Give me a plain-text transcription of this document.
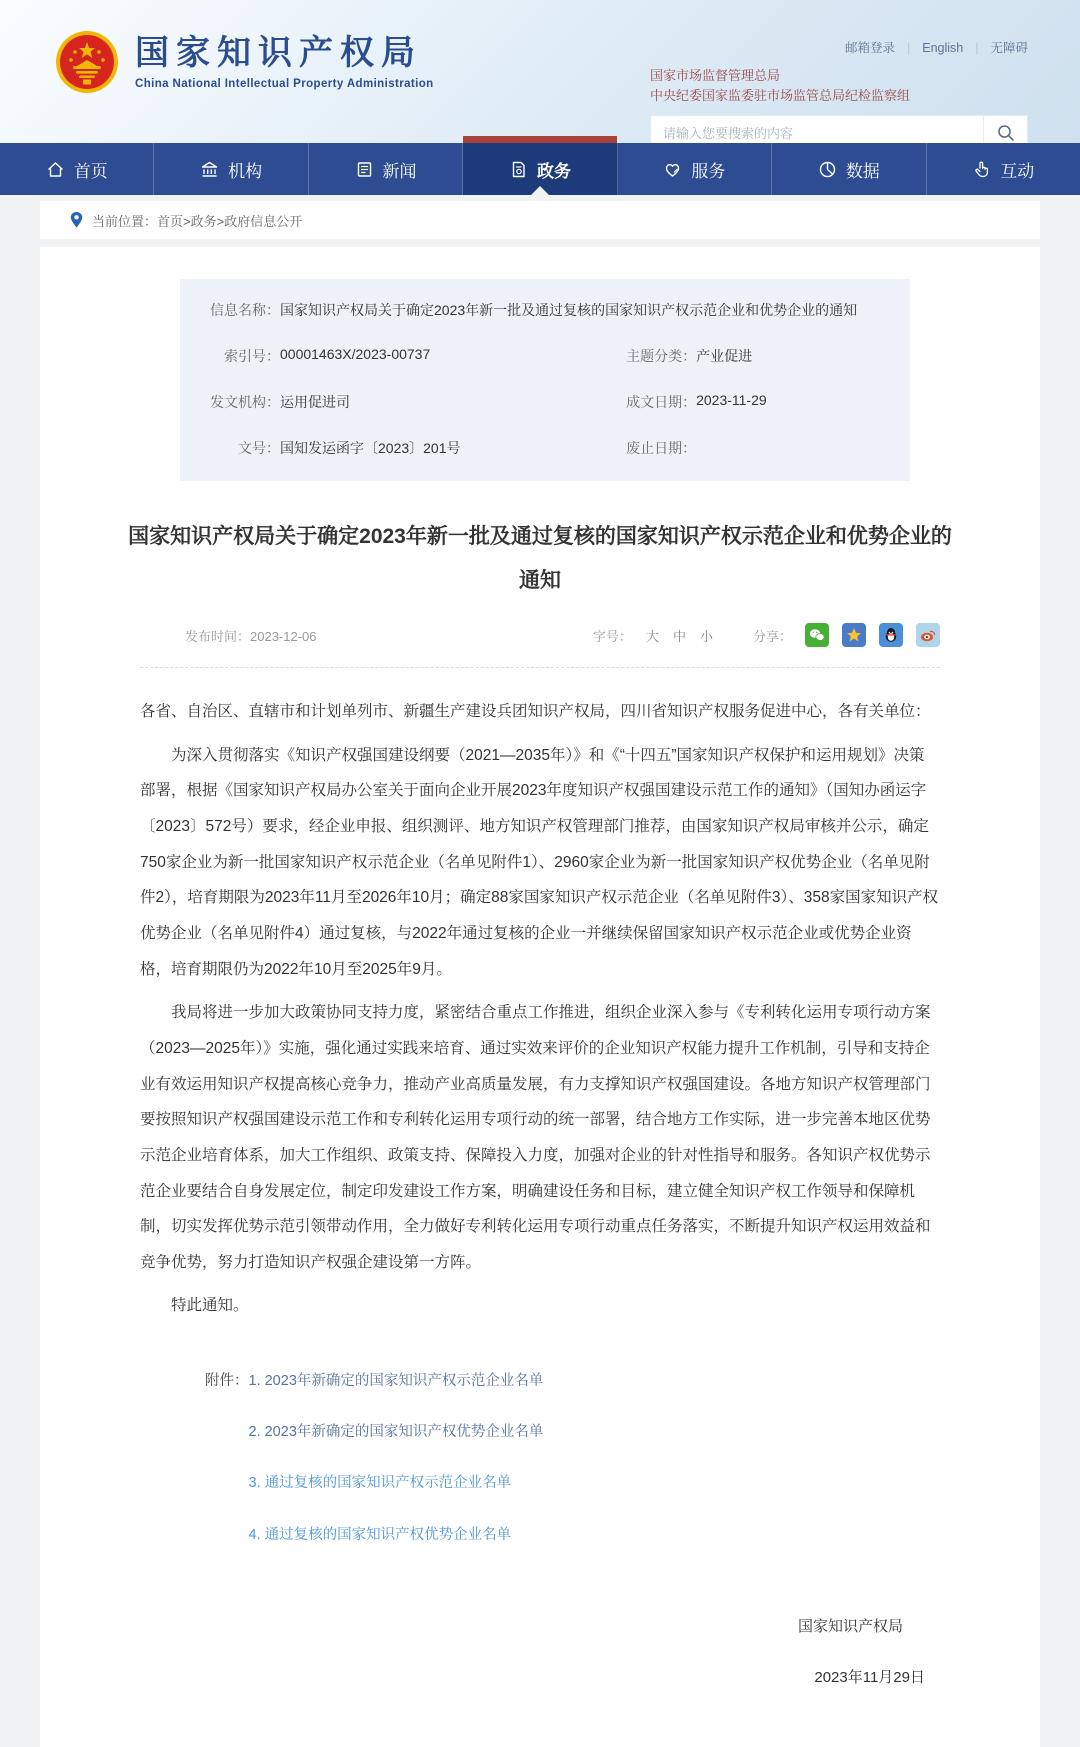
国家知识产权局
China National Intellectual Property Administration
邮箱登录 | English | 无障碍
国家市场监督管理总局
中央纪委国家监委驻市场监管总局纪检监察组
请输入您要搜索的内容
首页	机构	新闻	政务	服务	数据	互动
当前位置： 首页>政务>政府信息公开
信息名称： 国家知识产权局关于确定2023年新一批及通过复核的国家知识产权示范企业和优势企业的通知
索引号： 00001463X/2023-00737	主题分类： 产业促进
发文机构： 运用促进司	成文日期： 2023-11-29
文号： 国知发运函字〔2023〕201号	废止日期：
国家知识产权局关于确定2023年新一批及通过复核的国家知识产权示范企业和优势企业的通知
发布时间：2023-12-06	字号： 大 中 小	分享：

各省、自治区、直辖市和计划单列市、新疆生产建设兵团知识产权局，四川省知识产权服务促进中心，各有关单位：

为深入贯彻落实《知识产权强国建设纲要（2021—2035年）》和《“十四五”国家知识产权保护和运用规划》决策部署，根据《国家知识产权局办公室关于面向企业开展2023年度知识产权强国建设示范工作的通知》（国知办函运字〔2023〕572号）要求，经企业申报、组织测评、地方知识产权管理部门推荐，由国家知识产权局审核并公示，确定750家企业为新一批国家知识产权示范企业（名单见附件1）、2960家企业为新一批国家知识产权优势企业（名单见附件2），培育期限为2023年11月至2026年10月；确定88家国家知识产权示范企业（名单见附件3）、358家国家知识产权优势企业（名单见附件4）通过复核，与2022年通过复核的企业一并继续保留国家知识产权示范企业或优势企业资格，培育期限仍为2022年10月至2025年9月。

我局将进一步加大政策协同支持力度，紧密结合重点工作推进，组织企业深入参与《专利转化运用专项行动方案（2023—2025年）》实施，强化通过实践来培育、通过实效来评价的企业知识产权能力提升工作机制，引导和支持企业有效运用知识产权提高核心竞争力，推动产业高质量发展，有力支撑知识产权强国建设。各地方知识产权管理部门要按照知识产权强国建设示范工作和专利转化运用专项行动的统一部署，结合地方工作实际，进一步完善本地区优势示范企业培育体系，加大工作组织、政策支持、保障投入力度，加强对企业的针对性指导和服务。各知识产权优势示范企业要结合自身发展定位，制定印发建设工作方案，明确建设任务和目标，建立健全知识产权工作领导和保障机制，切实发挥优势示范引领带动作用，全力做好专利转化运用专项行动重点任务落实，不断提升知识产权运用效益和竞争优势，努力打造知识产权强企建设第一方阵。

特此通知。

附件： 1. 2023年新确定的国家知识产权示范企业名单
2. 2023年新确定的国家知识产权优势企业名单
3. 通过复核的国家知识产权示范企业名单
4. 通过复核的国家知识产权优势企业名单
国家知识产权局
2023年11月29日
